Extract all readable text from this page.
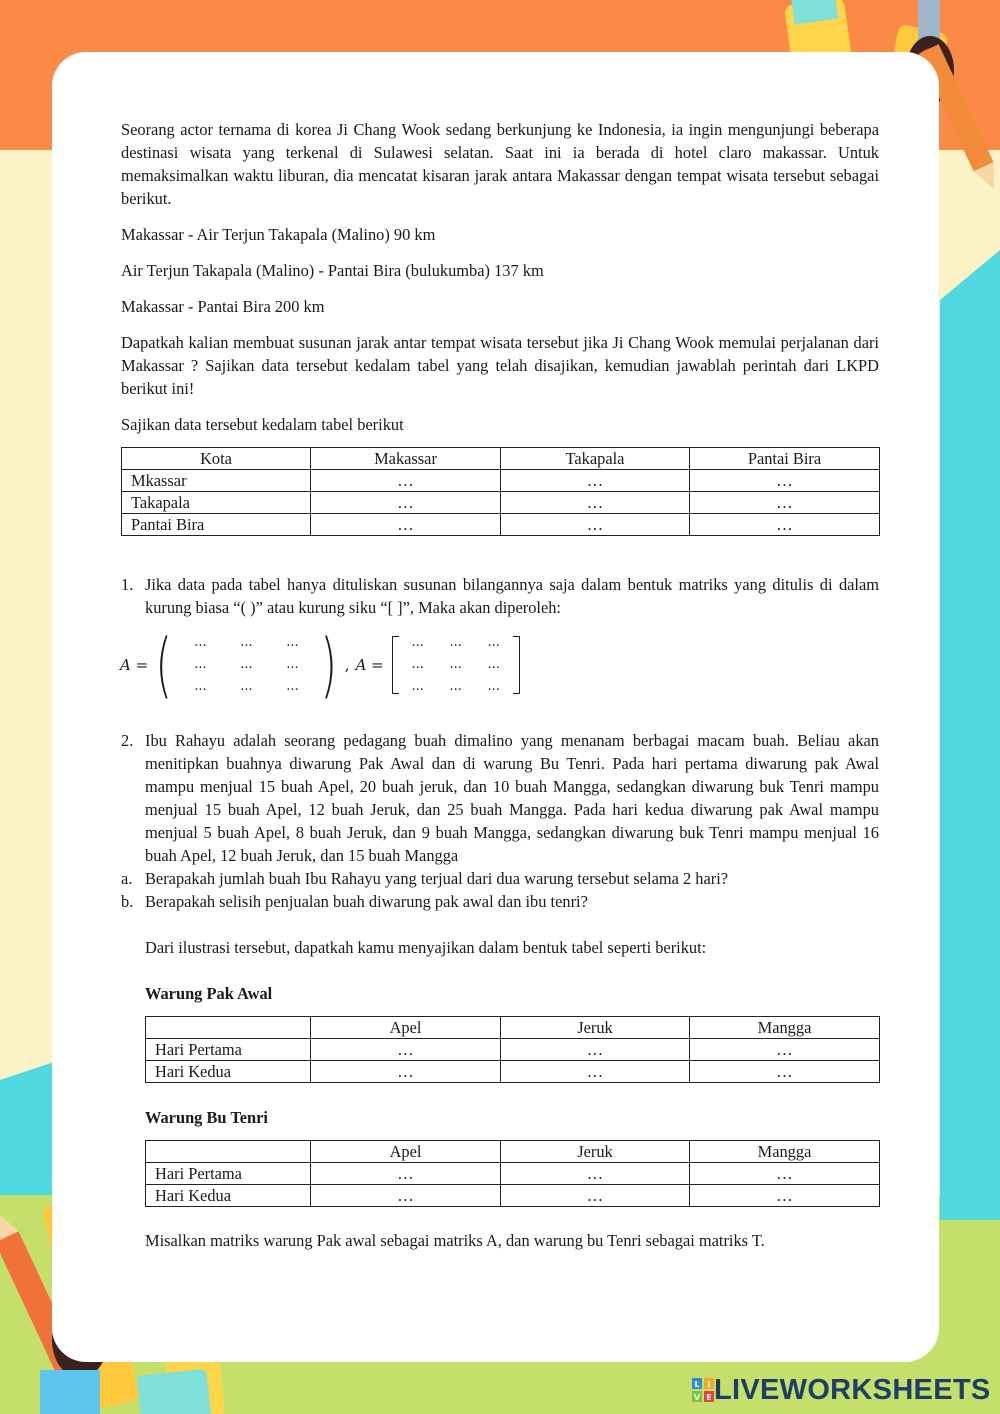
Seorang actor ternama di korea Ji Chang Wook sedang berkunjung ke Indonesia, ia ingin mengunjungi beberapa destinasi wisata yang terkenal di Sulawesi selatan. Saat ini ia berada di hotel claro makassar. Untuk memaksimalkan waktu liburan, dia mencatat kisaran jarak antara Makassar dengan tempat wisata tersebut sebagai berikut.

Makassar - Air Terjun Takapala (Malino) 90 km

Air Terjun Takapala (Malino) - Pantai Bira (bulukumba) 137 km

Makassar - Pantai Bira 200 km

Dapatkah kalian membuat susunan jarak antar tempat wisata tersebut jika Ji Chang Wook memulai perjalanan dari Makassar ? Sajikan data tersebut kedalam tabel yang telah disajikan, kemudian jawablah perintah dari LKPD berikut ini!

Sajikan data tersebut kedalam tabel berikut

Kota	Makassar	Takapala	Pantai Bira
Mkassar	…	…	…
Takapala	…	…	…
Pantai Bira	…	…	…
1. Jika data pada tabel hanya dituliskan susunan bilangannya saja dalam bentuk matriks yang ditulis di dalam kurung biasa “( )” atau kurung siku “[ ]”, Maka akan diperoleh:
A = (	...	...	...
...	...	...
...	...	... ) , A =
...	...	...
...	...	...
...	...	...
2. Ibu Rahayu adalah seorang pedagang buah dimalino yang menanam berbagai macam buah. Beliau akan menitipkan buahnya diwarung Pak Awal dan di warung Bu Tenri. Pada hari pertama diwarung pak Awal mampu menjual 15 buah Apel, 20 buah jeruk, dan 10 buah Mangga, sedangkan diwarung buk Tenri mampu menjual 15 buah Apel, 12 buah Jeruk, dan 25 buah Mangga. Pada hari kedua diwarung pak Awal mampu menjual 5 buah Apel, 8 buah Jeruk, dan 9 buah Mangga, sedangkan diwarung buk Tenri mampu menjual 16 buah Apel, 12 buah Jeruk, dan 15 buah Mangga
a. Berapakah jumlah buah Ibu Rahayu yang terjual dari dua warung tersebut selama 2 hari?
b. Berapakah selisih penjualan buah diwarung pak awal dan ibu tenri?

Dari ilustrasi tersebut, dapatkah kamu menyajikan dalam bentuk tabel seperti berikut:

Warung Pak Awal

	Apel	Jeruk	Mangga
Hari Pertama	…	…	…
Hari Kedua	…	…	…

Warung Bu Tenri

	Apel	Jeruk	Mangga
Hari Pertama	…	…	…
Hari Kedua	…	…	…

Misalkan matriks warung Pak awal sebagai matriks A, dan warung bu Tenri sebagai matriks T.

L I
V E LIVEWORKSHEETS
